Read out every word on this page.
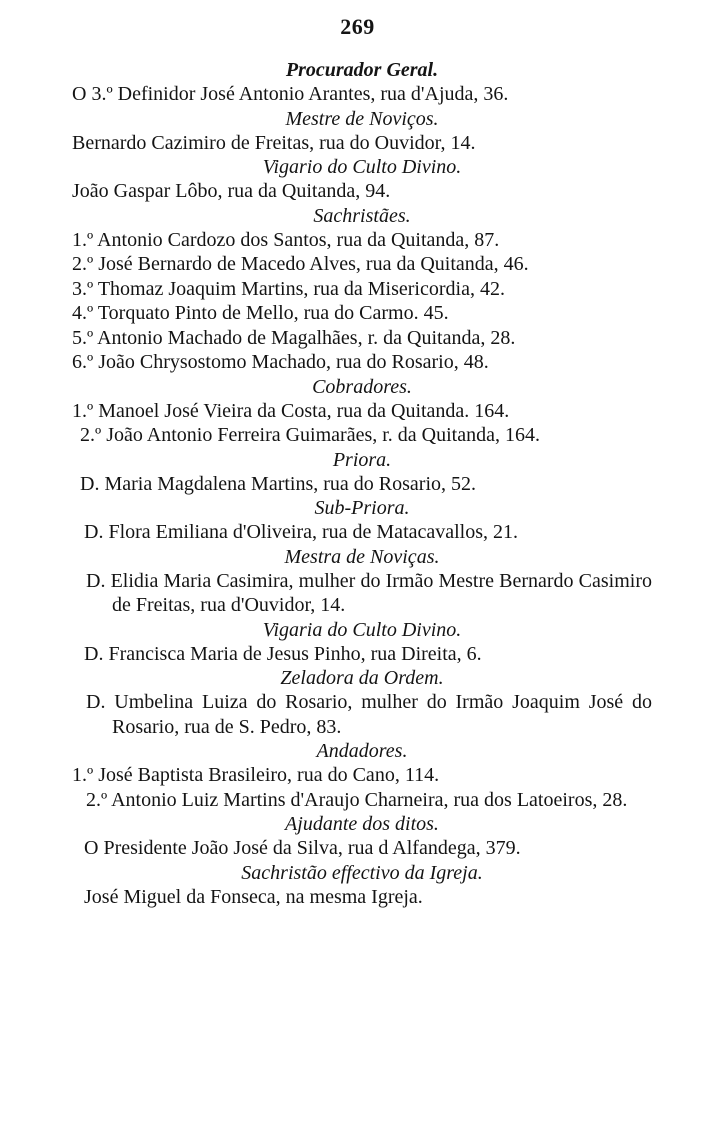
269
Procurador Geral.
O 3.º Definidor José Antonio Arantes, rua d'Ajuda, 36.
Mestre de Noviços.
Bernardo Cazimiro de Freitas, rua do Ouvidor, 14.
Vigario do Culto Divino.
João Gaspar Lôbo, rua da Quitanda, 94.
Sachristães.
1.º Antonio Cardozo dos Santos, rua da Quitanda, 87.
2.º José Bernardo de Macedo Alves, rua da Quitanda, 46.
3.º Thomaz Joaquim Martins, rua da Misericordia, 42.
4.º Torquato Pinto de Mello, rua do Carmo. 45.
5.º Antonio Machado de Magalhães, r. da Quitanda, 28.
6.º João Chrysostomo Machado, rua do Rosario, 48.
Cobradores.
1.º Manoel José Vieira da Costa, rua da Quitanda. 164.
2.º João Antonio Ferreira Guimarães, r. da Quitanda, 164.
Priora.
D. Maria Magdalena Martins, rua do Rosario, 52.
Sub-Priora.
D. Flora Emiliana d'Oliveira, rua de Matacavallos, 21.
Mestra de Noviças.
D. Elidia Maria Casimira, mulher do Irmão Mestre Bernardo Casimiro de Freitas, rua d'Ouvidor, 14.
Vigaria do Culto Divino.
D. Francisca Maria de Jesus Pinho, rua Direita, 6.
Zeladora da Ordem.
D. Umbelina Luiza do Rosario, mulher do Irmão Joaquim José do Rosario, rua de S. Pedro, 83.
Andadores.
1.º José Baptista Brasileiro, rua do Cano, 114.
2.º Antonio Luiz Martins d'Araujo Charneira, rua dos Latoeiros, 28.
Ajudante dos ditos.
O Presidente João José da Silva, rua d Alfandega, 379.
Sachristão effectivo da Igreja.
José Miguel da Fonseca, na mesma Igreja.
